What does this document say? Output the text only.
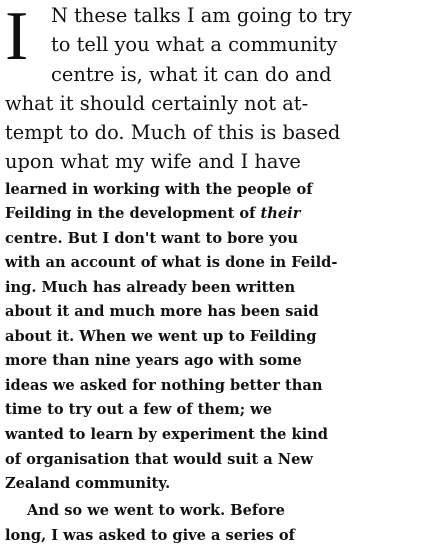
I N these talks I am going to try
to tell you what a community
centre is, what it can do and
what it should certainly not at-
tempt to do. Much of this is based
upon what my wife and I have
learned in working with the people of
Feilding in the development of their
centre. But I don't want to bore you
with an account of what is done in Feild-
ing. Much has already been written
about it and much more has been said
about it. When we went up to Feilding
more than nine years ago with some
ideas we asked for nothing better than
time to try out a few of them; we
wanted to learn by experiment the kind
of organisation that would suit a New
Zealand community.
And so we went to work. Before
long, I was asked to give a series of
